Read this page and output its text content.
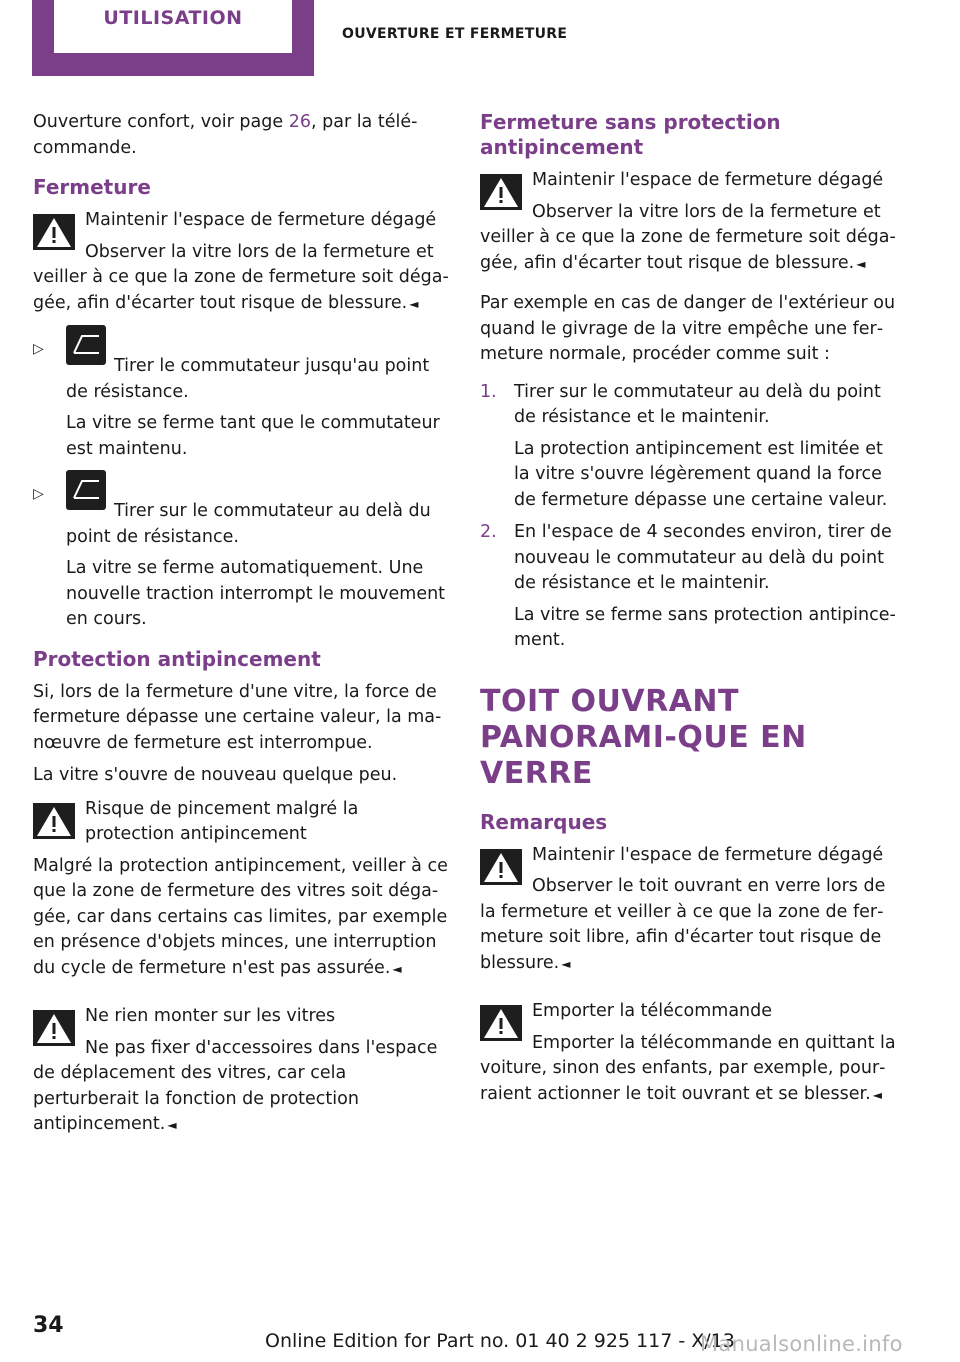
UTILISATION
OUVERTURE ET FERMETURE

Ouverture confort, voir page 26, par la télé‐commande.

Fermeture
Maintenir l'espace de fermeture dégagé
Observer la vitre lors de la fermeture et veiller à ce que la zone de fermeture soit déga‐gée, afin d'écarter tout risque de blessure. ◄
▷
Tirer le commutateur jusqu'au point de résistance.

La vitre se ferme tant que le commutateur est maintenu.

▷
Tirer sur le commutateur au delà du point de résistance.

La vitre se ferme automatiquement. Une nouvelle traction interrompt le mouvement en cours.

Protection antipincement

Si, lors de la fermeture d'une vitre, la force de fermeture dépasse une certaine valeur, la ma‐nœuvre de fermeture est interrompue.

La vitre s'ouvre de nouveau quelque peu.

Risque de pincement malgré la protection antipincement
Malgré la protection antipincement, veiller à ce que la zone de fermeture des vitres soit déga‐gée, car dans certains cas limites, par exemple en présence d'objets minces, une interruption du cycle de fermeture n'est pas assurée. ◄
Ne rien monter sur les vitres
Ne pas fixer d'accessoires dans l'espace de déplacement des vitres, car cela perturberait la fonction de protection antipincement. ◄
Fermeture sans protection antipincement
Maintenir l'espace de fermeture dégagé
Observer la vitre lors de la fermeture et veiller à ce que la zone de fermeture soit déga‐gée, afin d'écarter tout risque de blessure. ◄

Par exemple en cas de danger de l'extérieur ou quand le givrage de la vitre empêche une fer‐meture normale, procéder comme suit :

1. Tirer sur le commutateur au delà du point de résistance et le maintenir.

La protection antipincement est limitée et la vitre s'ouvre légèrement quand la force de fermeture dépasse une certaine valeur.

2. En l'espace de 4 secondes environ, tirer de nouveau le commutateur au delà du point de résistance et le maintenir.

La vitre se ferme sans protection antipince‐ment.

TOIT OUVRANT PANORAMI‐QUE EN VERRE
Remarques
Maintenir l'espace de fermeture dégagé
Observer le toit ouvrant en verre lors de la fermeture et veiller à ce que la zone de fer‐meture soit libre, afin d'écarter tout risque de blessure. ◄
Emporter la télécommande
Emporter la télécommande en quittant la voiture, sinon des enfants, par exemple, pour‐raient actionner le toit ouvrant et se blesser. ◄
34
Online Edition for Part no. 01 40 2 925 117 - X/13
Manualsonline.info
